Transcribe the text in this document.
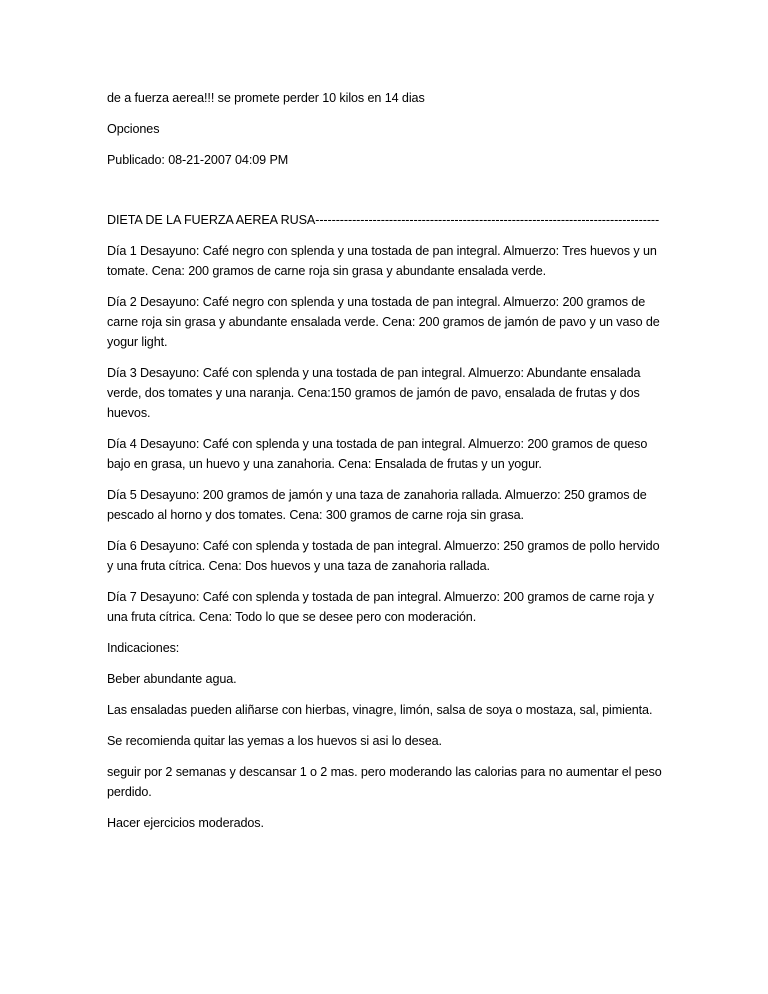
de a fuerza aerea!!! se promete perder 10 kilos en 14 dias

Opciones

Publicado: 08-21-2007 04:09 PM

DIETA DE LA FUERZA AEREA RUSA------------------------------------------------------------------------------------

Día 1 Desayuno: Café negro con splenda y una tostada de pan integral. Almuerzo: Tres huevos y un tomate. Cena: 200 gramos de carne roja sin grasa y abundante ensalada verde.

Día 2 Desayuno: Café negro con splenda y una tostada de pan integral. Almuerzo: 200 gramos de carne roja sin grasa y abundante ensalada verde. Cena: 200 gramos de jamón de pavo y un vaso de yogur light.

Día 3 Desayuno: Café con splenda y una tostada de pan integral. Almuerzo: Abundante ensalada verde, dos tomates y una naranja. Cena:150 gramos de jamón de pavo, ensalada de frutas y dos huevos.

Día 4 Desayuno: Café con splenda y una tostada de pan integral. Almuerzo: 200 gramos de queso bajo en grasa, un huevo y una zanahoria. Cena: Ensalada de frutas y un yogur.

Día 5 Desayuno: 200 gramos de jamón y una taza de zanahoria rallada. Almuerzo: 250 gramos de pescado al horno y dos tomates. Cena: 300 gramos de carne roja sin grasa.

Día 6 Desayuno: Café con splenda y tostada de pan integral. Almuerzo: 250 gramos de pollo hervido y una fruta cítrica. Cena: Dos huevos y una taza de zanahoria rallada.

Día 7 Desayuno: Café con splenda y tostada de pan integral. Almuerzo: 200 gramos de carne roja y una fruta cítrica. Cena: Todo lo que se desee pero con moderación.

Indicaciones:

Beber abundante agua.

Las ensaladas pueden aliñarse con hierbas, vinagre, limón, salsa de soya o mostaza, sal, pimienta.

Se recomienda quitar las yemas a los huevos si asi lo desea.

seguir por 2 semanas y descansar 1 o 2 mas. pero moderando las calorias para no aumentar el peso perdido.

Hacer ejercicios moderados.
